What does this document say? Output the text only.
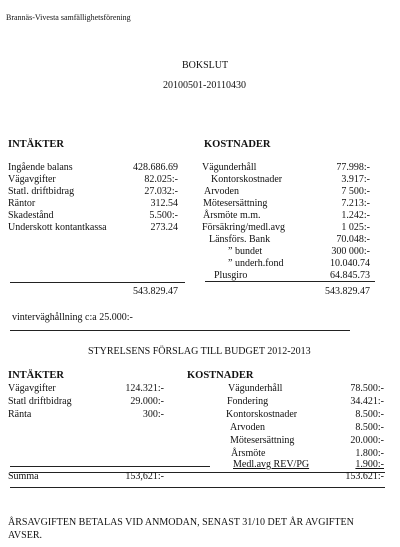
Brannäs-Vivesta samfällighetsförening
BOKSLUT
20100501-20110430
INTÄKTER
Ingående balans	428.686.69
Vägavgifter	82.025:-
Statl. driftbidrag	27.032:-
Räntor	312.54
Skadestånd	5.500:-
Underskott kontantkassa	273.24
KOSTNADER
Vägunderhåll	77.998:-
Kontorskostnader	3.917:-
Arvoden	7 500:-
Mötesersättning	7.213:-
Årsmöte m.m.	1.242:-
Försäkring/medl.avg	1 025:-
Länsförs. Bank	70.048:-
” bundet	300 000:-
” underh.fond	10.040.74
Plusgiro	64.845.73
543.829.47	543.829.47
vinterväghållning c:a 25.000:-
STYRELSENS FÖRSLAG TILL BUDGET 2012-2013
INTÄKTER
Vägavgifter	124.321:-
Statl driftbidrag	29.000:-
Ränta	300:-
KOSTNADER
Vägunderhåll	78.500:-
Fondering	34.421:-
Kontorskostnader	8.500:-
Arvoden	8.500:-
Mötesersättning	20.000:-
Årsmöte	1.800:-
Medl.avg REV/PG	1.900:-
Summa	153,621:-	153.621:-
ÅRSAVGIFTEN BETALAS VID ANMODAN, SENAST 31/10 DET ÅR AVGIFTEN AVSER.
